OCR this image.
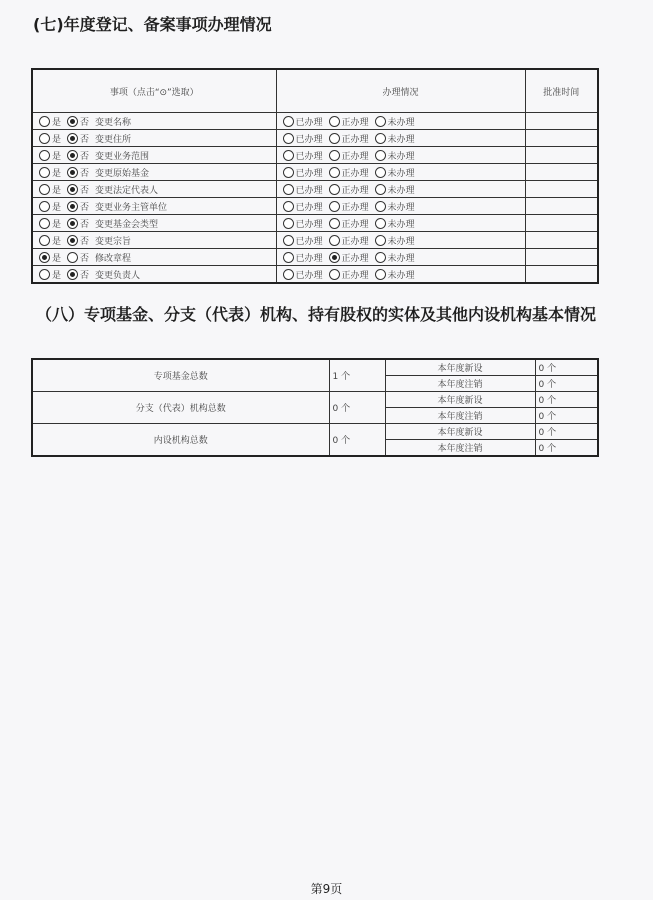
(七)年度登记、备案事项办理情况
事项（点击“⊙”选取）	办理情况	批准时间
是 否 变更名称	已办理 正办理 未办理	
是 否 变更住所	已办理 正办理 未办理	
是 否 变更业务范围	已办理 正办理 未办理	
是 否 变更原始基金	已办理 正办理 未办理	
是 否 变更法定代表人	已办理 正办理 未办理	
是 否 变更业务主管单位	已办理 正办理 未办理	
是 否 变更基金会类型	已办理 正办理 未办理	
是 否 变更宗旨	已办理 正办理 未办理	
是 否 修改章程	已办理 正办理 未办理	
是 否 变更负责人	已办理 正办理 未办理	
（八）专项基金、分支（代表）机构、持有股权的实体及其他内设机构基本情况
专项基金总数	1 个	本年度新设	0 个
		本年度注销	0 个
分支（代表）机构总数	0 个	本年度新设	0 个
		本年度注销	0 个
内设机构总数	0 个	本年度新设	0 个
		本年度注销	0 个
第9页
